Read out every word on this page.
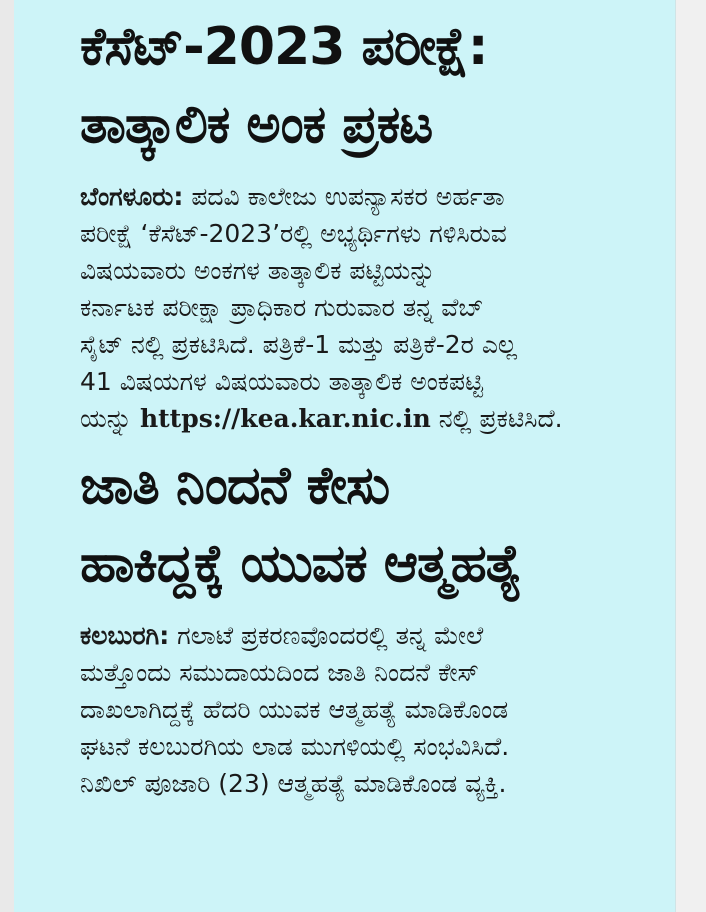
ಕೆಸೆಟ್-2023 ಪರೀಕ್ಷೆ:
ತಾತ್ಕಾಲಿಕ ಅಂಕ ಪ್ರಕಟ
ಬೆಂಗಳೂರು: ಪದವಿ ಕಾಲೇಜು ಉಪನ್ಯಾಸಕರ ಅರ್ಹತಾ
ಪರೀಕ್ಷೆ ‘ಕೆಸೆಟ್-2023’ರಲ್ಲಿ ಅಭ್ಯರ್ಥಿಗಳು ಗಳಿಸಿರುವ
ವಿಷಯವಾರು ಅಂಕಗಳ ತಾತ್ಕಾಲಿಕ ಪಟ್ಟಿಯನ್ನು
ಕರ್ನಾಟಕ ಪರೀಕ್ಷಾ ಪ್ರಾಧಿಕಾರ ಗುರುವಾರ ತನ್ನ ವೆಬ್
ಸೈಟ್ ನಲ್ಲಿ ಪ್ರಕಟಿಸಿದೆ. ಪತ್ರಿಕೆ-1 ಮತ್ತು ಪತ್ರಿಕೆ-2ರ ಎಲ್ಲ
41 ವಿಷಯಗಳ ವಿಷಯವಾರು ತಾತ್ಕಾಲಿಕ ಅಂಕಪಟ್ಟಿ
ಯನ್ನು https://kea.kar.nic.in ನಲ್ಲಿ ಪ್ರಕಟಿಸಿದೆ.
ಜಾತಿ ನಿಂದನೆ ಕೇಸು
ಹಾಕಿದ್ದಕ್ಕೆ ಯುವಕ ಆತ್ಮಹತ್ಯೆ
ಕಲಬುರಗಿ: ಗಲಾಟೆ ಪ್ರಕರಣವೊಂದರಲ್ಲಿ ತನ್ನ ಮೇಲೆ
ಮತ್ತೊಂದು ಸಮುದಾಯದಿಂದ ಜಾತಿ ನಿಂದನೆ ಕೇಸ್
ದಾಖಲಾಗಿದ್ದಕ್ಕೆ ಹೆದರಿ ಯುವಕ ಆತ್ಮಹತ್ಯೆ ಮಾಡಿಕೊಂಡ
ಘಟನೆ ಕಲಬುರಗಿಯ ಲಾಡ ಮುಗಳಿಯಲ್ಲಿ ಸಂಭವಿಸಿದೆ.
ನಿಖಿಲ್ ಪೂಜಾರಿ (23) ಆತ್ಮಹತ್ಯೆ ಮಾಡಿಕೊಂಡ ವ್ಯಕ್ತಿ.
